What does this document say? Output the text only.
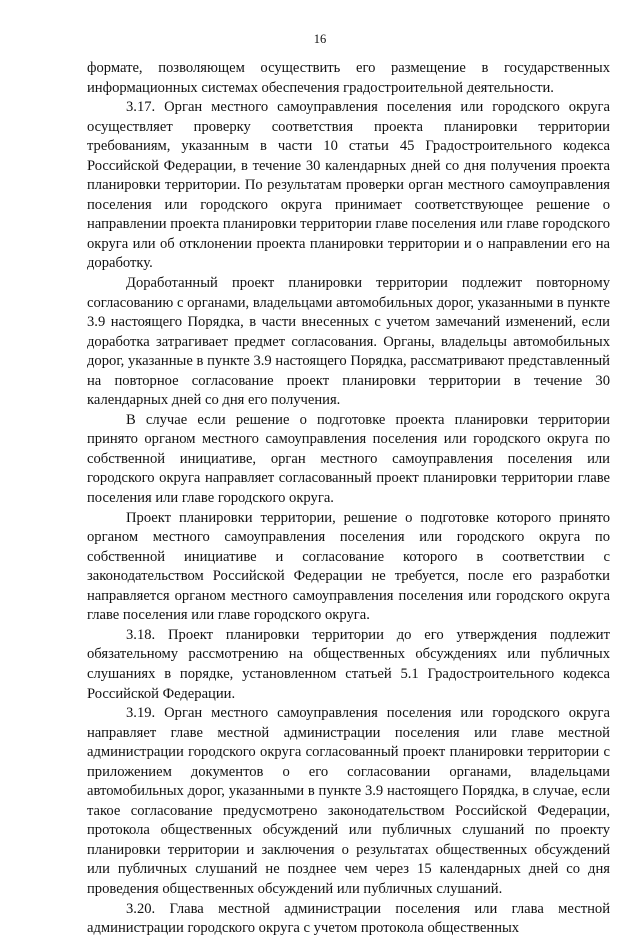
16

формате, позволяющем осуществить его размещение в государственных информационных системах обеспечения градостроительной деятельности.

3.17. Орган местного самоуправления поселения или городского округа осуществляет проверку соответствия проекта планировки территории требованиям, указанным в части 10 статьи 45 Градостроительного кодекса Российской Федерации, в течение 30 календарных дней со дня получения проекта планировки территории. По результатам проверки орган местного самоуправления поселения или городского округа принимает соответствующее решение о направлении проекта планировки территории главе поселения или главе городского округа или об отклонении проекта планировки территории и о направлении его на доработку.

Доработанный проект планировки территории подлежит повторному согласованию с органами, владельцами автомобильных дорог, указанными в пункте 3.9 настоящего Порядка, в части внесенных с учетом замечаний изменений, если доработка затрагивает предмет согласования. Органы, владельцы автомобильных дорог, указанные в пункте 3.9 настоящего Порядка, рассматривают представленный на повторное согласование проект планировки территории в течение 30 календарных дней со дня его получения.

В случае если решение о подготовке проекта планировки территории принято органом местного самоуправления поселения или городского округа по собственной инициативе, орган местного самоуправления поселения или городского округа направляет согласованный проект планировки территории главе поселения или главе городского округа.

Проект планировки территории, решение о подготовке которого принято органом местного самоуправления поселения или городского округа по собственной инициативе и согласование которого в соответствии с законодательством Российской Федерации не требуется, после его разработки направляется органом местного самоуправления поселения или городского округа главе поселения или главе городского округа.

3.18. Проект планировки территории до его утверждения подлежит обязательному рассмотрению на общественных обсуждениях или публичных слушаниях в порядке, установленном статьей 5.1 Градостроительного кодекса Российской Федерации.

3.19. Орган местного самоуправления поселения или городского округа направляет главе местной администрации поселения или главе местной администрации городского округа согласованный проект планировки территории с приложением документов о его согласовании органами, владельцами автомобильных дорог, указанными в пункте 3.9 настоящего Порядка, в случае, если такое согласование предусмотрено законодательством Российской Федерации, протокола общественных обсуждений или публичных слушаний по проекту планировки территории и заключения о результатах общественных обсуждений или публичных слушаний не позднее чем через 15 календарных дней со дня проведения общественных обсуждений или публичных слушаний.

3.20. Глава местной администрации поселения или глава местной администрации городского округа с учетом протокола общественных
